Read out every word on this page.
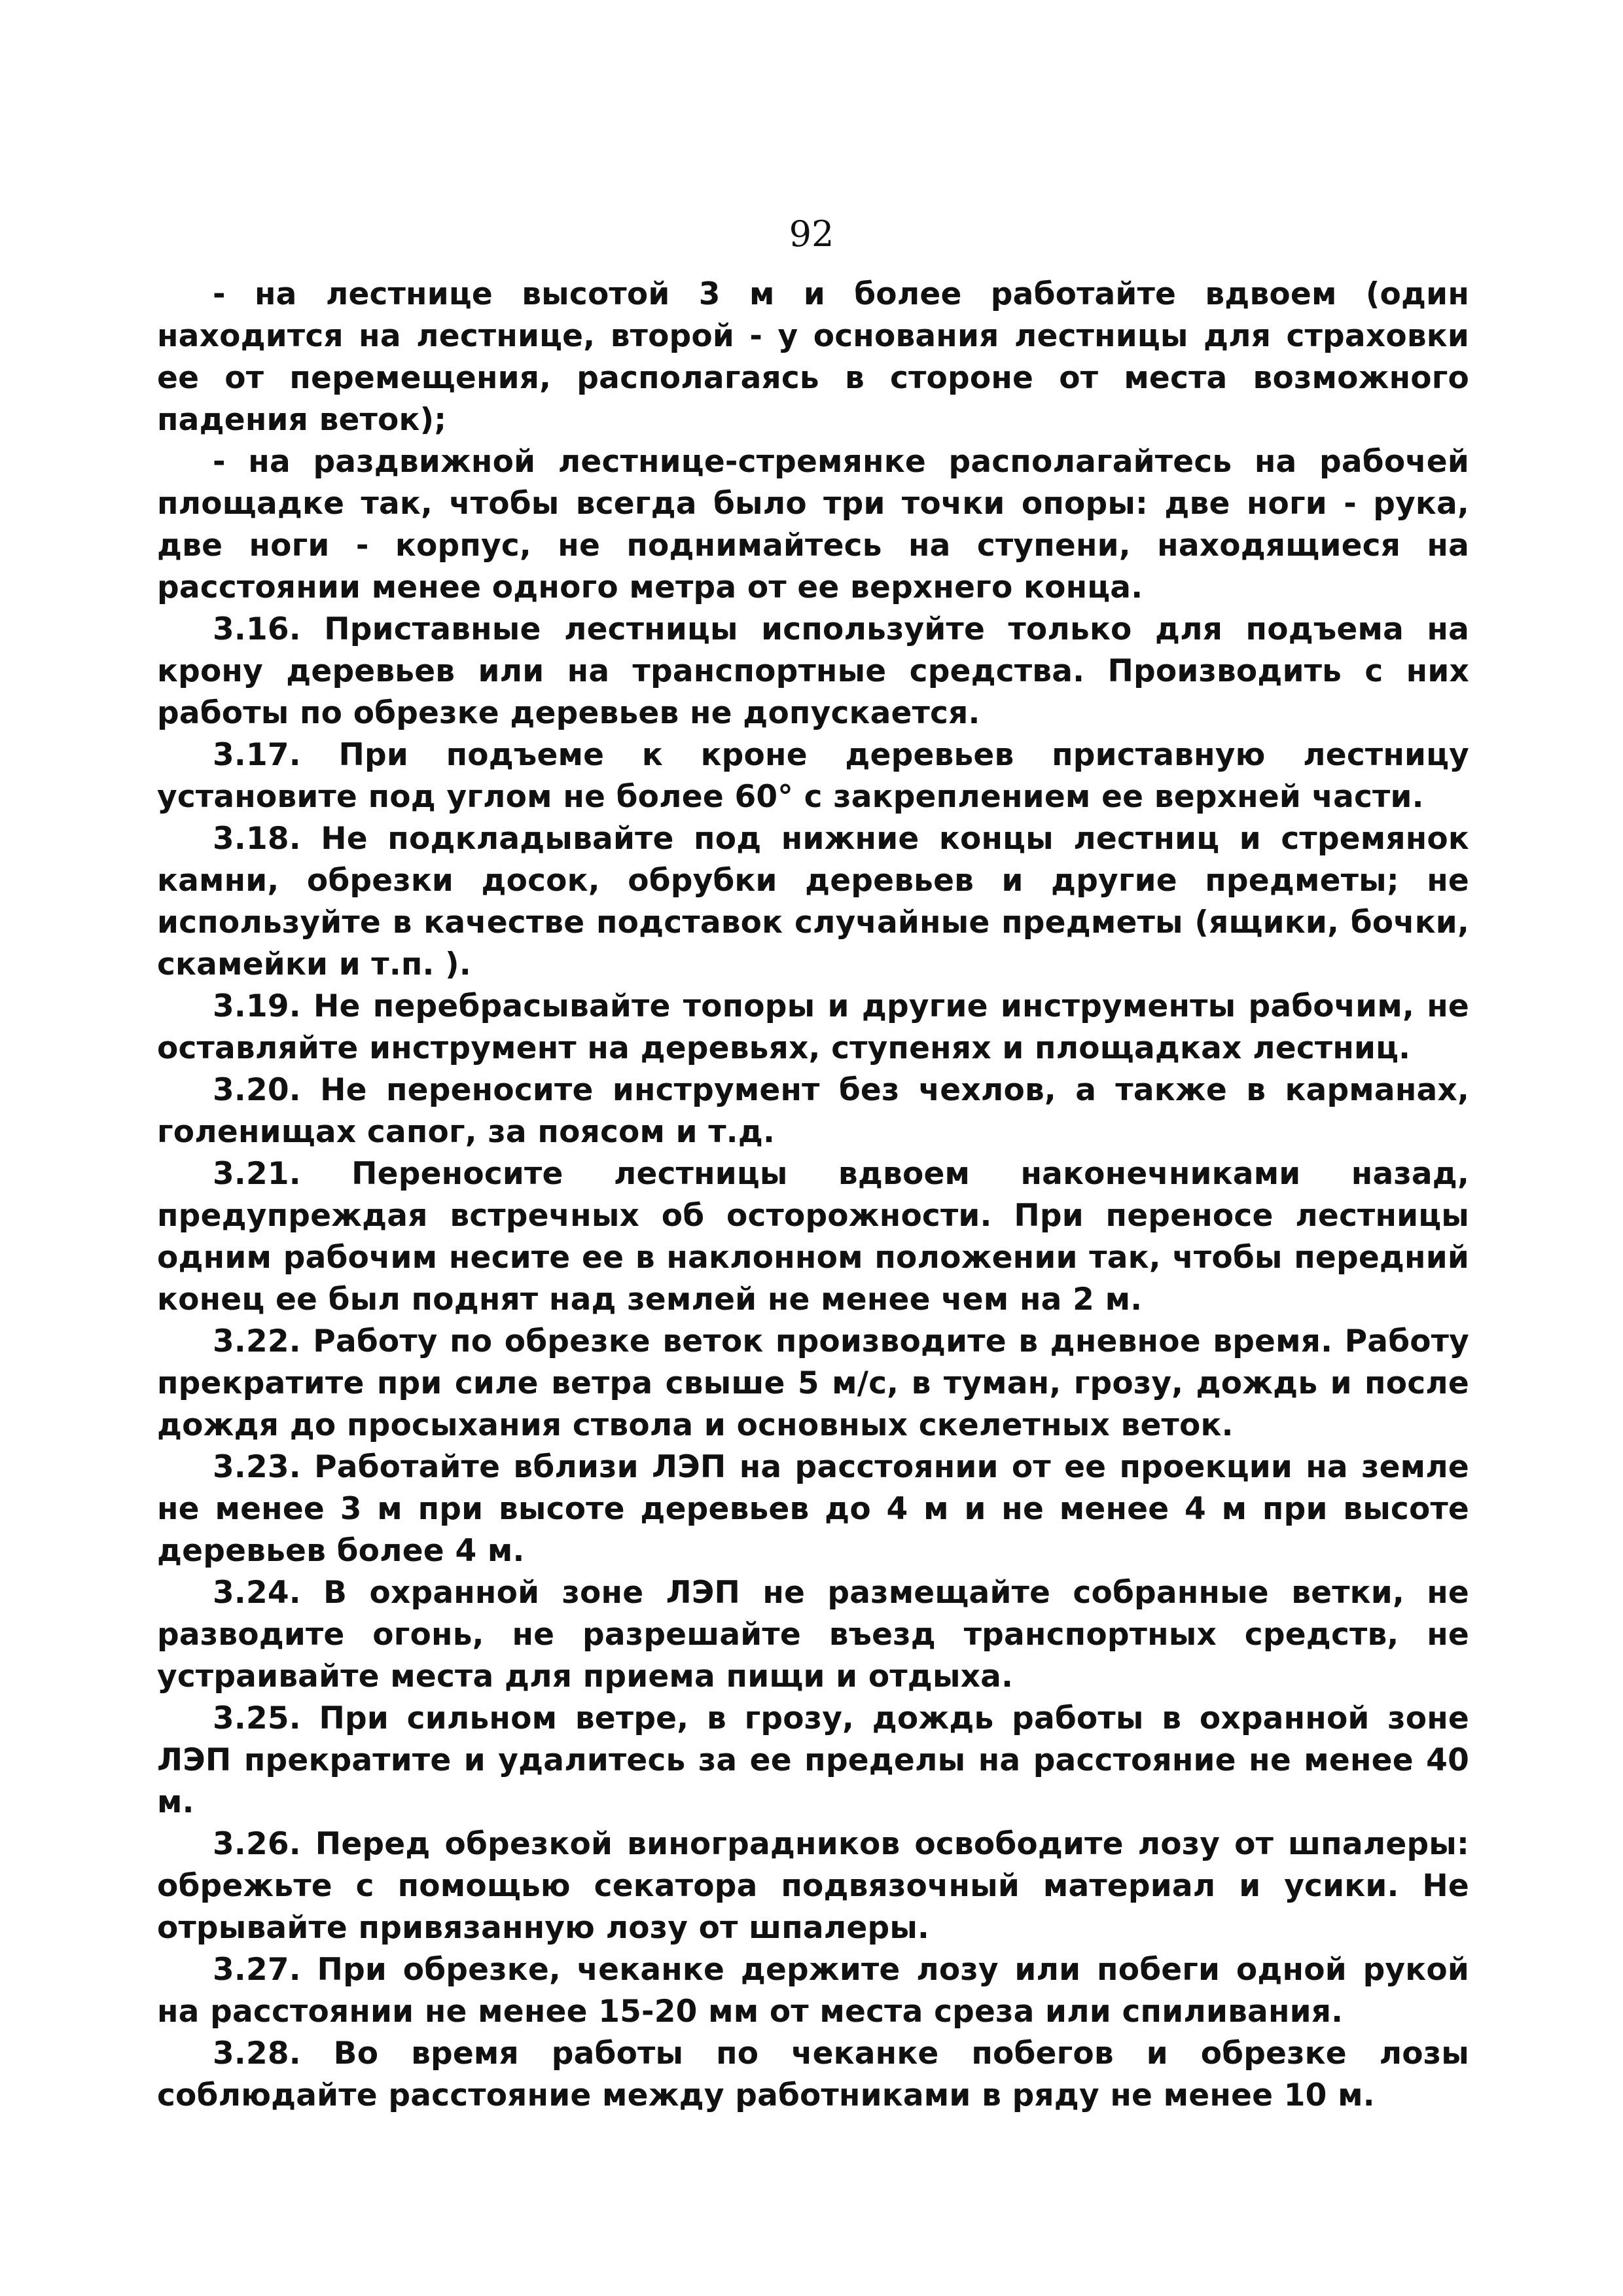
92

- на лестнице высотой 3 м и более работайте вдвоем (один находится на лестнице, второй - у основания лестницы для страховки ее от перемещения, располагаясь в стороне от места возможного падения веток);

- на раздвижной лестнице-стремянке располагайтесь на рабочей площадке так, чтобы всегда было три точки опоры: две ноги - рука, две ноги - корпус, не поднимайтесь на ступени, находящиеся на расстоянии менее одного метра от ее верхнего конца.

3.16. Приставные лестницы используйте только для подъема на крону деревьев или на транспортные средства. Производить с них работы по обрезке деревьев не допускается.

3.17. При подъеме к кроне деревьев приставную лестницу установите под углом не более 60° с закреплением ее верхней части.

3.18. Не подкладывайте под нижние концы лестниц и стремянок камни, обрезки досок, обрубки деревьев и другие предметы; не используйте в качестве подставок случайные предметы (ящики, бочки, скамейки и т.п. ).

3.19. Не перебрасывайте топоры и другие инструменты рабочим, не оставляйте инструмент на деревьях, ступенях и площадках лестниц.

3.20. Не переносите инструмент без чехлов, а также в карманах, голенищах сапог, за поясом и т.д.

3.21. Переносите лестницы вдвоем наконечниками назад, предупреждая встречных об осторожности. При переносе лестницы одним рабочим несите ее в наклонном положении так, чтобы передний конец ее был поднят над землей не менее чем на 2 м.

3.22. Работу по обрезке веток производите в дневное время. Работу прекратите при силе ветра свыше 5 м/с, в туман, грозу, дождь и после дождя до просыхания ствола и основных скелетных веток.

3.23. Работайте вблизи ЛЭП на расстоянии от ее проекции на земле не менее 3 м при высоте деревьев до 4 м и не менее 4 м при высоте деревьев более 4 м.

3.24. В охранной зоне ЛЭП не размещайте собранные ветки, не разводите огонь, не разрешайте въезд транспортных средств, не устраивайте места для приема пищи и отдыха.

3.25. При сильном ветре, в грозу, дождь работы в охранной зоне ЛЭП прекратите и удалитесь за ее пределы на расстояние не менее 40 м.

3.26. Перед обрезкой виноградников освободите лозу от шпалеры: обрежьте с помощью секатора подвязочный материал и усики. Не отрывайте привязанную лозу от шпалеры.

3.27. При обрезке, чеканке держите лозу или побеги одной рукой на расстоянии не менее 15-20 мм от места среза или спиливания.

3.28. Во время работы по чеканке побегов и обрезке лозы соблюдайте расстояние между работниками в ряду не менее 10 м.
